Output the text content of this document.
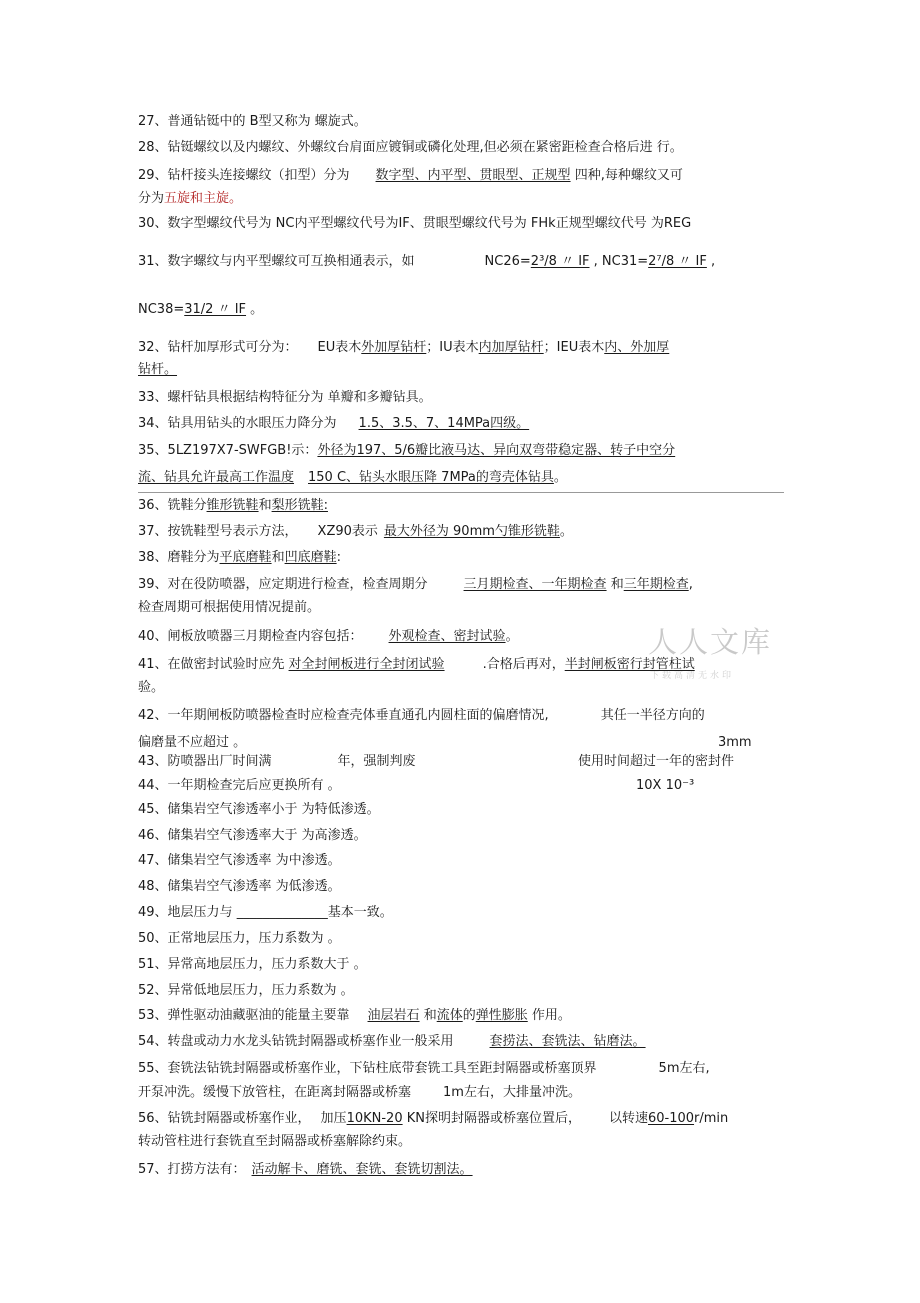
人人文库
下载高清无水印
27、普通钻铤中的 B型又称为 螺旋式。
28、钻铤螺纹以及内螺纹、外螺纹台肩面应镀铜或磷化处理,但必须在紧密距检查合格后进 行。
29、钻杆接头连接螺纹（扣型）分为 数字型、内平型、贯眼型、正规型 四种,每种螺纹又可
分为五旋和主旋。
30、数字型螺纹代号为 NC内平型螺纹代号为IF、贯眼型螺纹代号为 FHk正规型螺纹代号 为REG
31、数字螺纹与内平型螺纹可互换相通表示，如	NC26=2³/8 〃 IF , NC31=2⁷/8 〃 IF ,
NC38=31/2 〃 IF 。
32、钻杆加厚形式可分为： EU表木外加厚钻杆；IU表木内加厚钻杆；IEU表木内、外加厚
钻杆。
33、螺杆钻具根据结构特征分为 单瓣和多瓣钻具。
34、钻具用钻头的水眼压力降分为 1.5、3.5、7、14MPa四级。
35、5LZ197X7-SWFGB!示：外径为197、5/6瓣比液马达、异向双弯带稳定器、转子中空分
流、钻具允许最高工作温度 150 C、钻头水眼压降 7MPa的弯壳体钻具。
36、铣鞋分锥形铣鞋和梨形铣鞋:
37、按铣鞋型号表示方法， XZ90表示 最大外径为 90mm勺锥形铣鞋。
38、磨鞋分为平底磨鞋和凹底磨鞋:
39、对在役防喷器，应定期进行检查，检查周期分	三月期检查、一年期检查 和三年期检查,
检查周期可根据使用情况提前。
40、闸板放喷器三月期检查内容包括： 外观检查、密封试验。
41、在做密封试验时应先 对全封闸板进行全封闭试验	.合格后再对，半封闸板密行封管柱试
验。
42、一年期闸板防喷器检查时应检查壳体垂直通孔内圆柱面的偏磨情况,	其任一半径方向的
偏磨量不应超过 。	3mm
43、防喷器出厂时间满	年，强制判废	使用时间超过一年的密封件
44、一年期检查完后应更换所有 。	10X 10⁻³
45、储集岩空气渗透率小于 为特低渗透。
46、储集岩空气渗透率大于 为高渗透。
47、储集岩空气渗透率 为中渗透。
48、储集岩空气渗透率 为低渗透。
49、地层压力与 ______________基本一致。
50、正常地层压力，压力系数为 。
51、异常高地层压力，压力系数大于 。
52、异常低地层压力，压力系数为 。
53、弹性驱动油藏驱油的能量主要靠 油层岩石 和流体的弹性膨胀 作用。
54、转盘或动力水龙头钻铣封隔器或桥塞作业一般采用	套捞法、套铣法、钻磨法。
55、套铣法钻铣封隔器或桥塞作业，下钻柱底带套铣工具至距封隔器或桥塞顶界	5m左右,
开泵冲洗。缓慢下放管柱，在距离封隔器或桥塞 1m左右，大排量冲洗。
56、钻铣封隔器或桥塞作业， 加压10KN-20 KN探明封隔器或桥塞位置后， 以转速60-100r/min
转动管柱进行套铣直至封隔器或桥塞解除约束。
57、打捞方法有： 活动解卡、磨铣、套铣、套铣切割法。
